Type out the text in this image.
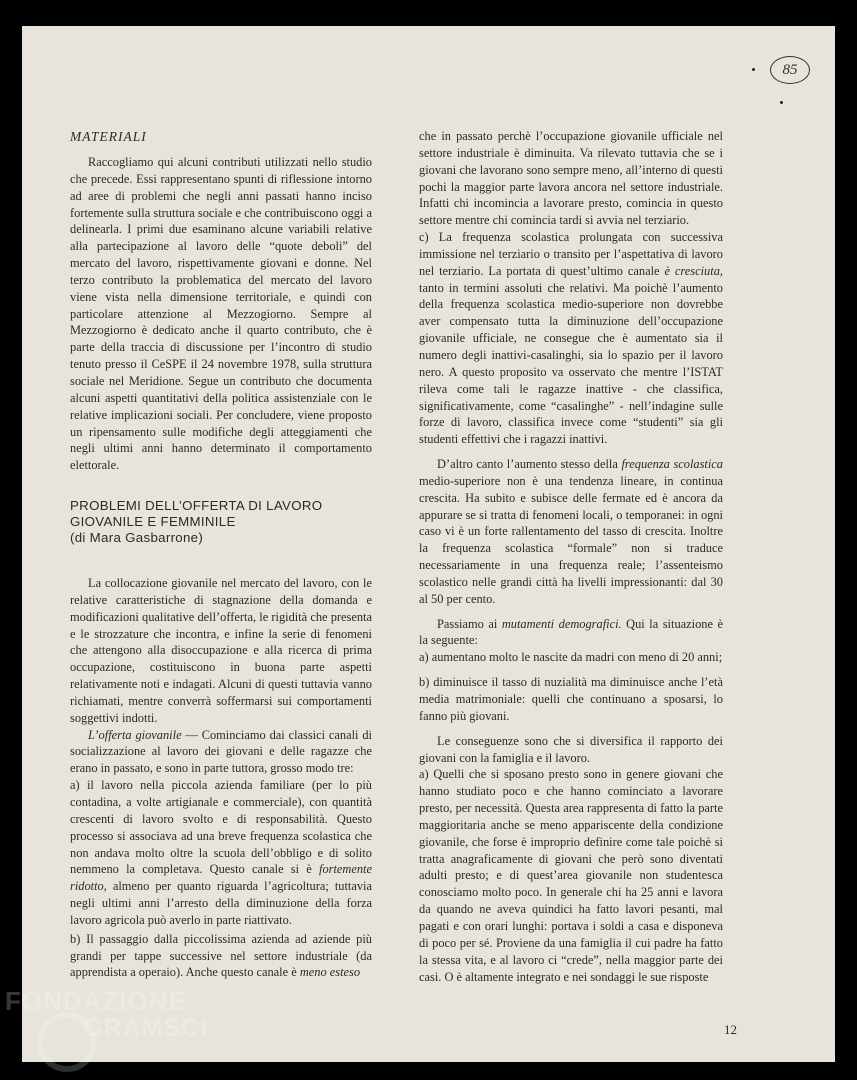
85
MATERIALI

Raccogliamo qui alcuni contributi utilizzati nello studio che precede. Essi rappresentano spunti di riflessione intorno ad aree di problemi che negli anni passati hanno inciso fortemente sulla struttura sociale e che contribuiscono oggi a delinearla. I primi due esaminano alcune variabili relative alla partecipazione al lavoro delle “quote deboli” del mercato del lavoro, rispettivamente giovani e donne. Nel terzo contributo la problematica del mercato del lavoro viene vista nella dimensione territoriale, e quindi con particolare attenzione al Mezzogiorno. Sempre al Mezzogiorno è dedicato anche il quarto contributo, che è parte della traccia di discussione per l’incontro di studio tenuto presso il CeSPE il 24 novembre 1978, sulla struttura sociale nel Meridione. Segue un contributo che documenta alcuni aspetti quantitativi della politica assistenziale con le relative implicazioni sociali. Per concludere, viene proposto un ripensamento sulle modifiche degli atteggiamenti che negli ultimi anni hanno determinato il comportamento elettorale.

PROBLEMI DELL’OFFERTA DI LAVORO
GIOVANILE E FEMMINILE
(di Mara Gasbarrone)

La collocazione giovanile nel mercato del lavoro, con le relative caratteristiche di stagnazione della domanda e modificazioni qualitative dell’offerta, le rigidità che presenta e le strozzature che incontra, e infine la serie di fenomeni che attengono alla disoccupazione e alla ricerca di prima occupazione, costituiscono in buona parte aspetti relativamente noti e indagati. Alcuni di questi tuttavia vanno richiamati, mentre converrà soffermarsi sui comportamenti soggettivi indotti.

L’offerta giovanile — Cominciamo dai classici canali di socializzazione al lavoro dei giovani e delle ragazze che erano in passato, e sono in parte tuttora, grosso modo tre:

a) il lavoro nella piccola azienda familiare (per lo più contadina, a volte artigianale e commerciale), con quantità crescenti di lavoro svolto e di responsabilità. Questo processo si associava ad una breve frequenza scolastica che non andava molto oltre la scuola dell’obbligo e di solito nemmeno la completava. Questo canale si è fortemente ridotto, almeno per quanto riguarda l’agricoltura; tuttavia negli ultimi anni l’arresto della diminuzione della forza lavoro agricola può averlo in parte riattivato.

b) Il passaggio dalla piccolissima azienda ad aziende più grandi per tappe successive nel settore industriale (da apprendista a operaio). Anche questo canale è meno esteso

che in passato perchè l’occupazione giovanile ufficiale nel settore industriale è diminuita. Va rilevato tuttavia che se i giovani che lavorano sono sempre meno, all’interno di questi pochi la maggior parte lavora ancora nel settore industriale. Infatti chi incomincia a lavorare presto, comincia in questo settore mentre chi comincia tardi si avvia nel terziario.

c) La frequenza scolastica prolungata con successiva immissione nel terziario o transito per l’aspettativa di lavoro nel terziario. La portata di quest’ultimo canale è cresciuta, tanto in termini assoluti che relativi. Ma poichè l’aumento della frequenza scolastica medio-superiore non dovrebbe aver compensato tutta la diminuzione dell’occupazione giovanile ufficiale, ne consegue che è aumentato sia il numero degli inattivi-casalinghi, sia lo spazio per il lavoro nero. A questo proposito va osservato che mentre l’ISTAT rileva come tali le ragazze inattive - che classifica, significativamente, come “casalinghe” - nell’indagine sulle forze di lavoro, classifica invece come “studenti” sia gli studenti effettivi che i ragazzi inattivi.

D’altro canto l’aumento stesso della frequenza scolastica medio-superiore non è una tendenza lineare, in continua crescita. Ha subito e subisce delle fermate ed è ancora da appurare se si tratta di fenomeni locali, o temporanei: in ogni caso vi è un forte rallentamento del tasso di crescita. Inoltre la frequenza scolastica “formale” non si traduce necessariamente in una frequenza reale; l’assenteismo scolastico nelle grandi città ha livelli impressionanti: dal 30 al 50 per cento.

Passiamo ai mutamenti demografici. Qui la situazione è la seguente:

a) aumentano molto le nascite da madri con meno di 20 anni;

b) diminuisce il tasso di nuzialità ma diminuisce anche l’età media matrimoniale: quelli che continuano a sposarsi, lo fanno più giovani.

Le conseguenze sono che si diversifica il rapporto dei giovani con la famiglia e il lavoro.

a) Quelli che si sposano presto sono in genere giovani che hanno studiato poco e che hanno cominciato a lavorare presto, per necessità. Questa area rappresenta di fatto la parte maggioritaria anche se meno appariscente della condizione giovanile, che forse è improprio definire come tale poichè si tratta anagraficamente di giovani che però sono diventati adulti presto; e di quest’area giovanile non studentesca conosciamo molto poco. In generale chi ha 25 anni e lavora da quando ne aveva quindici ha fatto lavori pesanti, mal pagati e con orari lunghi: portava i soldi a casa e disponeva di poco per sé. Proviene da una famiglia il cui padre ha fatto la stessa vita, e al lavoro ci “crede”, nella maggior parte dei casi. O è altamente integrato e nei sondaggi le sue risposte

12
FONDAZIONE
GRAMSCI
onlus
